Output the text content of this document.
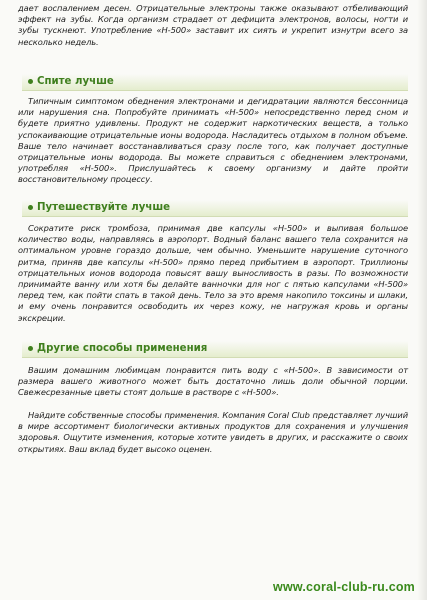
дает воспалением десен. Отрицательные электроны также оказывают отбеливающий эффект на зубы. Когда организм страдает от дефицита электронов, волосы, ногти и зубы тускнеют. Употребление «Н-500» заставит их сиять и укрепит изнутри всего за несколько недель.

Спите лучше

Типичным симптомом обеднения электронами и дегидратации являются бессонница или нарушения сна. Попробуйте принимать «Н-500» непосредственно перед сном и будете приятно удивлены. Продукт не содержит наркотических веществ, а только успокаивающие отрицательные ионы водорода. Насладитесь отдыхом в полном объеме. Ваше тело начинает восстанавливаться сразу после того, как получает доступные отрицательные ионы водорода. Вы можете справиться с обеднением электронами, употребляя «Н-500». Прислушайтесь к своему организму и дайте пройти восстановительному процессу.

Путешествуйте лучше

Сократите риск тромбоза, принимая две капсулы «Н-500» и выпивая большое количество воды, направляясь в аэропорт. Водный баланс вашего тела сохранится на оптимальном уровне гораздо дольше, чем обычно. Уменьшите нарушение суточного ритма, приняв две капсулы «Н-500» прямо перед прибытием в аэропорт. Триллионы отрицательных ионов водорода повысят вашу выносливость в разы. По возможности принимайте ванну или хотя бы делайте ванночки для ног с пятью капсулами «Н-500» перед тем, как пойти спать в такой день. Тело за это время накопило токсины и шлаки, и ему очень понравится освободить их через кожу, не нагружая кровь и органы экскреции.

Другие способы применения

Вашим домашним любимцам понравится пить воду с «Н-500». В зависимости от размера вашего животного может быть достаточно лишь доли обычной порции. Свежесрезанные цветы стоят дольше в растворе с «Н-500».

Найдите собственные способы применения. Компания Coral Club представляет лучший в мире ассортимент биологически активных продуктов для сохранения и улучшения здоровья. Ощутите изменения, которые хотите увидеть в других, и расскажите о своих открытиях. Ваш вклад будет высоко оценен.

www.coral-club-ru.com
